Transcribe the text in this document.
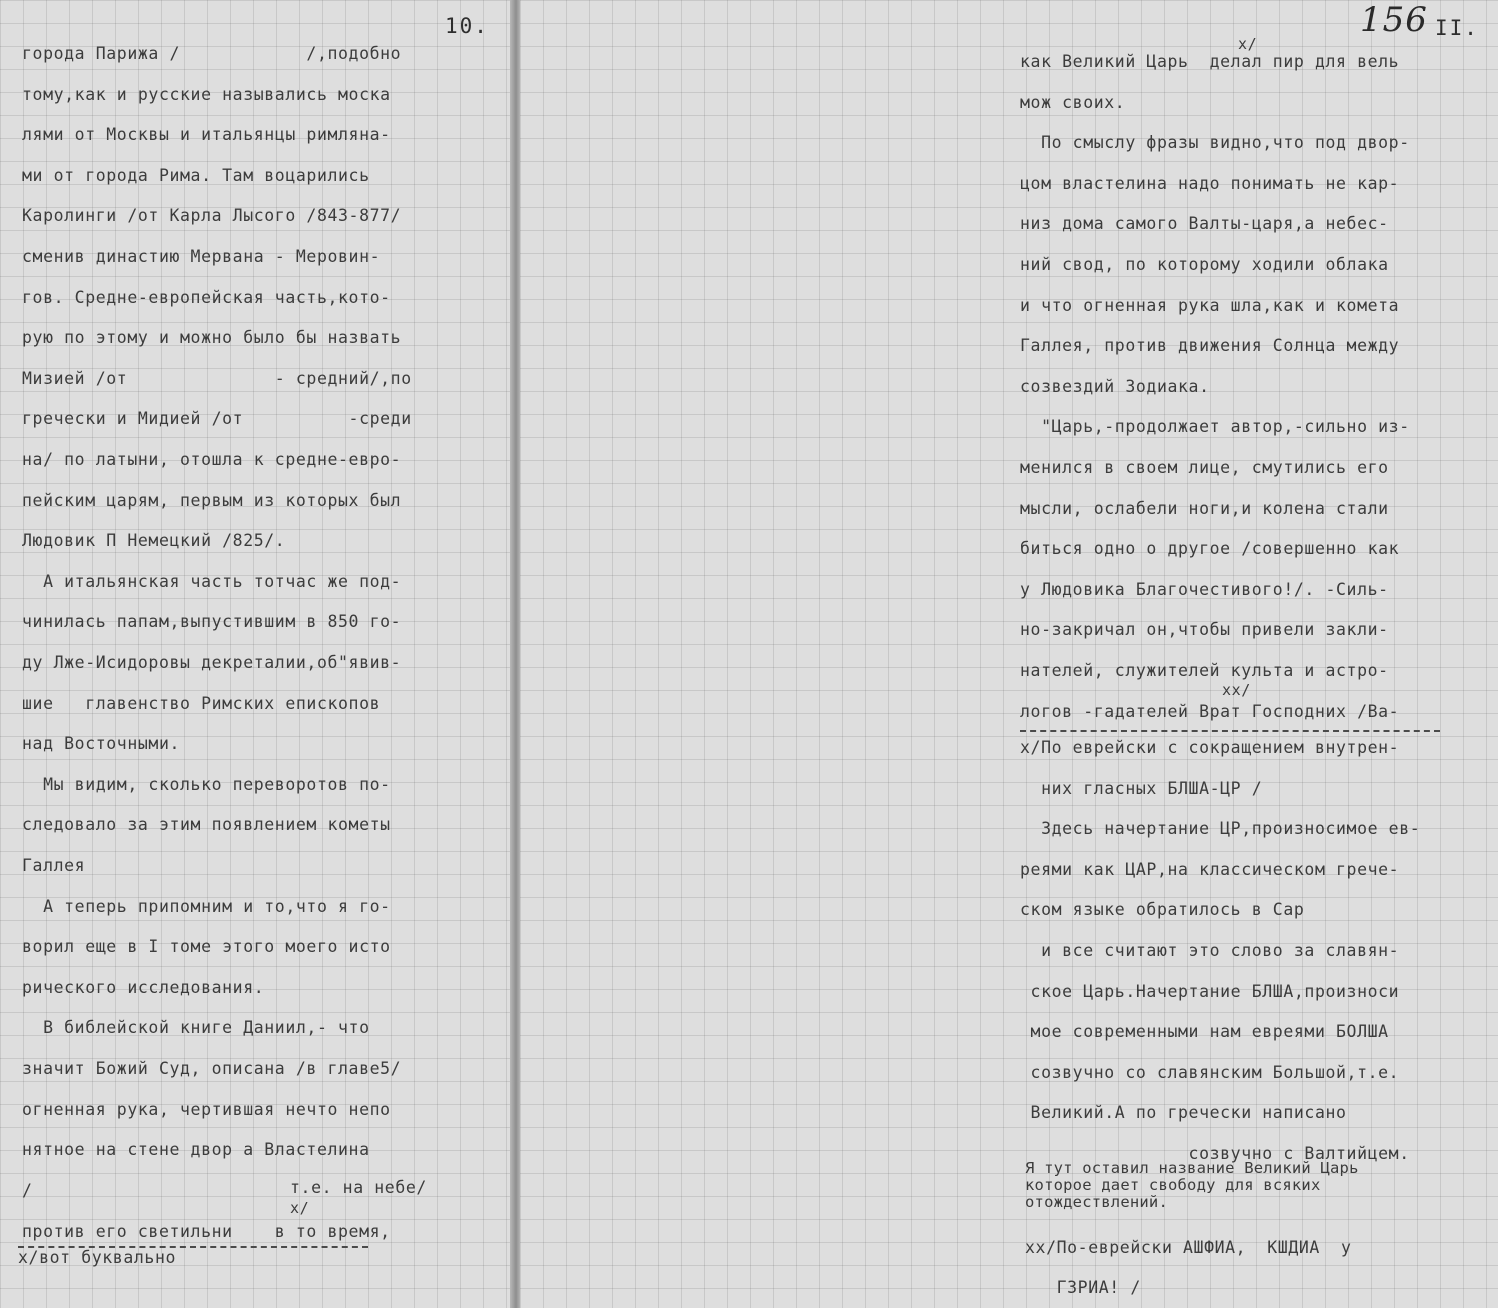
10.
города Парижа /            /,подобно
тому,как и русские назывались моска
лями от Москвы и итальянцы римляна-
ми от города Рима. Там воцарились
Каролинги /от Карла Лысого /843-877/
сменив династию Мервана - Меровин-
гов. Средне-европейская часть,кото-
рую по этому и можно было бы назвать
Мизией /от              - средний/,по
гречески и Мидией /от          -среди
на/ по латыни, отошла к средне-евро-
пейским царям, первым из которых был
Людовик П Немецкий /825/.
А итальянская часть тотчас же под-
чинилась папам,выпустившим в 850 го-
ду Лже-Исидоровы декреталии,об"явив-
шие   главенство Римских епископов
над Восточными.
Мы видим, сколько переворотов по-
следовало за этим появлением кометы
Галлея
А теперь припомним и то,что я го-
ворил еще в I томе этого моего исто
рического исследования.
В библейской книге Даниил,- что
значит Божий Суд, описана /в главе5/
огненная рука, чертившая нечто непо
нятное на стене двор а Властелина
/	т.е. на небе/
х/
против его светильни    в то время,
х/вот буквально
156 II.
х/
как Великий Царь  делал пир для вель
мож своих.
По смыслу фразы видно,что под двор-
цом властелина надо понимать не кар-
низ дома самого Валты-царя,а небес-
ний свод, по которому ходили облака
и что огненная рука шла,как и комета
Галлея, против движения Солнца между
созвездий Зодиака.
"Царь,-продолжает автор,-сильно из-
менился в своем лице, смутились его
мысли, ослабели ноги,и колена стали
биться одно о другое /совершенно как
у Людовика Благочестивого!/. -Силь-
но-закричал он,чтобы привели закли-
нателей, служителей культа и астро-
логов -гадателей Врат Господних /Ва-
хх/
х/По еврейски с сокращением внутрен-
них гласных БЛША-ЦР /
Здесь начертание ЦР,произносимое ев-
реями как ЦАР,на классическом грече-
ском языке обратилось в Сар
и все считают это слово за славян-
ское Царь.Начертание БЛША,произноси
мое современными нам евреями БОЛША
созвучно со славянским Большой,т.е.
Великий.А по гречески написано
созвучно с Валтийцем.
Я тут оставил название Великий Царь
которое дает свободу для всяких
отождествлений.
хх/По-еврейски АШФИА,  КШДИА  у
ГЗРИА! /
